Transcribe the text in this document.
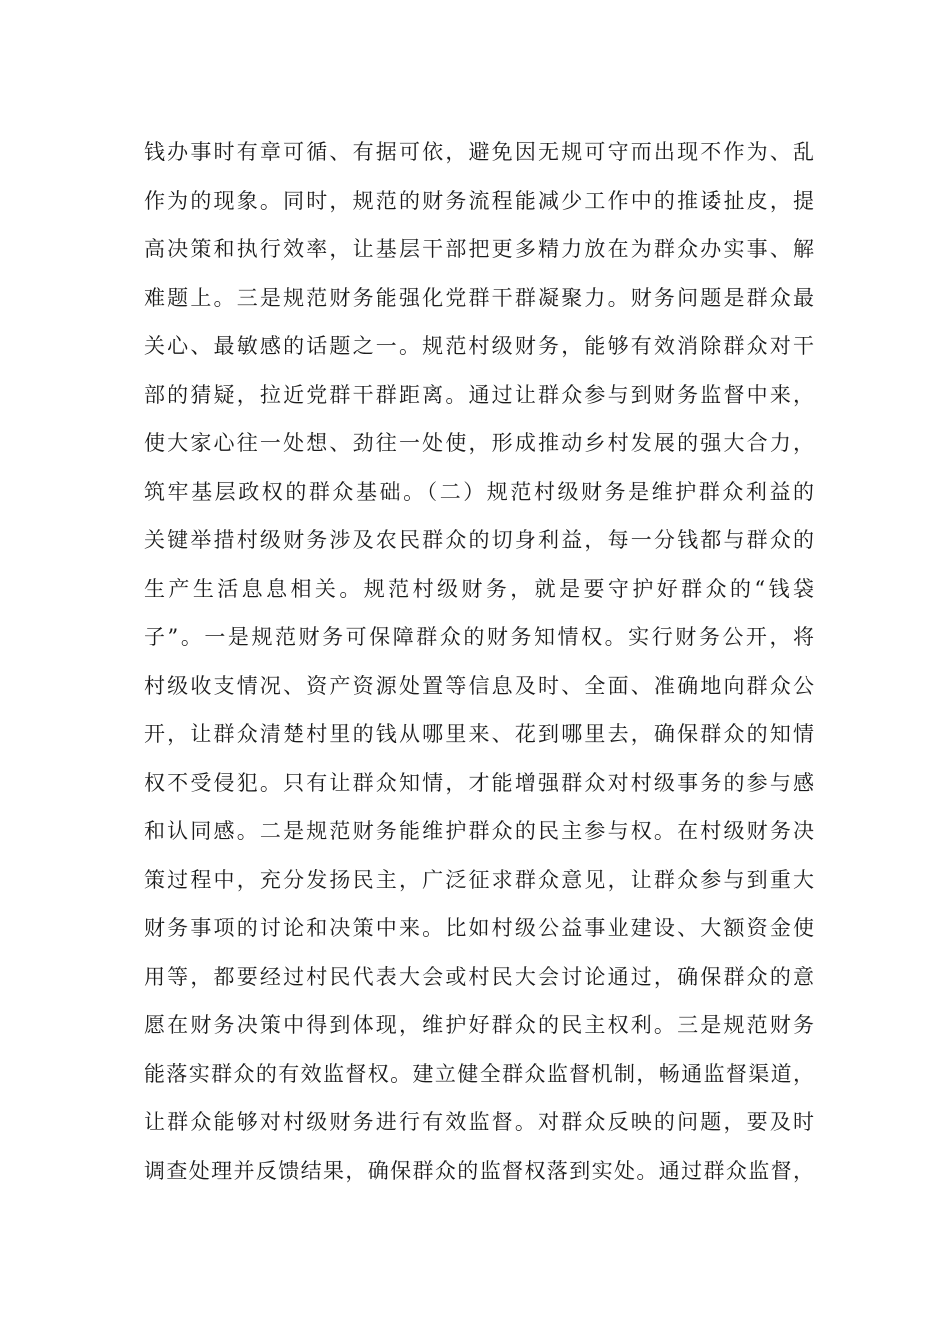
钱办事时有章可循、有据可依，避免因无规可守而出现不作为、乱
作为的现象。同时，规范的财务流程能减少工作中的推诿扯皮，提
高决策和执行效率，让基层干部把更多精力放在为群众办实事、解
难题上。三是规范财务能强化党群干群凝聚力。财务问题是群众最
关心、最敏感的话题之一。规范村级财务，能够有效消除群众对干
部的猜疑，拉近党群干群距离。通过让群众参与到财务监督中来，
使大家心往一处想、劲往一处使，形成推动乡村发展的强大合力，
筑牢基层政权的群众基础。（二）规范村级财务是维护群众利益的
关键举措村级财务涉及农民群众的切身利益，每一分钱都与群众的
生产生活息息相关。规范村级财务，就是要守护好群众的“钱袋
子”。一是规范财务可保障群众的财务知情权。实行财务公开，将
村级收支情况、资产资源处置等信息及时、全面、准确地向群众公
开，让群众清楚村里的钱从哪里来、花到哪里去，确保群众的知情
权不受侵犯。只有让群众知情，才能增强群众对村级事务的参与感
和认同感。二是规范财务能维护群众的民主参与权。在村级财务决
策过程中，充分发扬民主，广泛征求群众意见，让群众参与到重大
财务事项的讨论和决策中来。比如村级公益事业建设、大额资金使
用等，都要经过村民代表大会或村民大会讨论通过，确保群众的意
愿在财务决策中得到体现，维护好群众的民主权利。三是规范财务
能落实群众的有效监督权。建立健全群众监督机制，畅通监督渠道，
让群众能够对村级财务进行有效监督。对群众反映的问题，要及时
调查处理并反馈结果，确保群众的监督权落到实处。通过群众监督，
